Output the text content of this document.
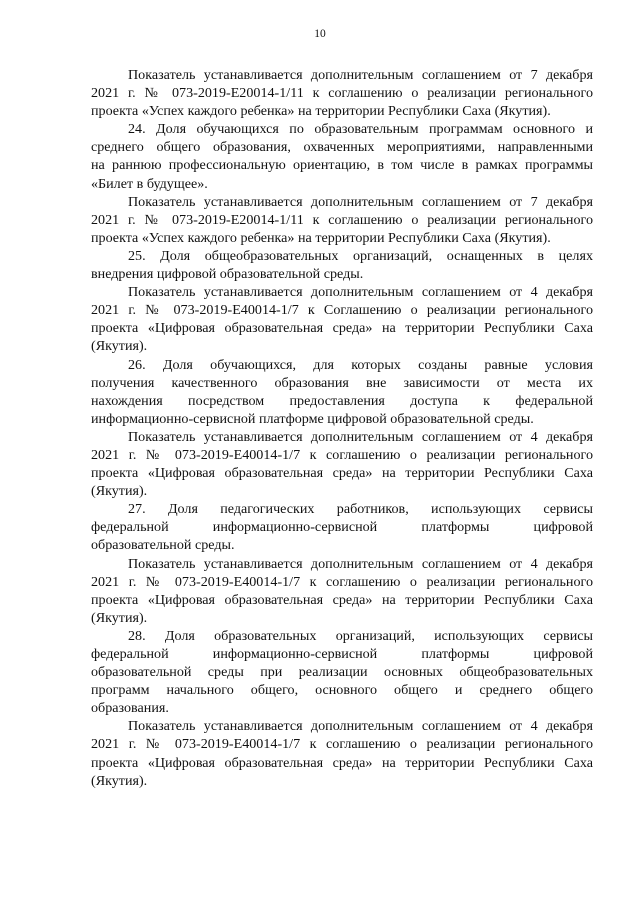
10
Показатель устанавливается дополнительным соглашением от 7 декабря
2021 г. № 073-2019-Е20014-1/11 к соглашению о реализации регионального
проекта «Успех каждого ребенка» на территории Республики Саха (Якутия).
24. Доля обучающихся по образовательным программам основного и
среднего общего образования, охваченных мероприятиями, направленными
на раннюю профессиональную ориентацию, в том числе в рамках программы
«Билет в будущее».
Показатель устанавливается дополнительным соглашением от 7 декабря
2021 г. № 073-2019-Е20014-1/11 к соглашению о реализации регионального
проекта «Успех каждого ребенка» на территории Республики Саха (Якутия).
25. Доля общеобразовательных организаций, оснащенных в целях
внедрения цифровой образовательной среды.
Показатель устанавливается дополнительным соглашением от 4 декабря
2021 г. № 073-2019-Е40014-1/7 к Соглашению о реализации регионального
проекта «Цифровая образовательная среда» на территории Республики Саха
(Якутия).
26. Доля обучающихся, для которых созданы равные условия
получения качественного образования вне зависимости от места их
нахождения посредством предоставления доступа к федеральной
информационно-сервисной платформе цифровой образовательной среды.
Показатель устанавливается дополнительным соглашением от 4 декабря
2021 г. № 073-2019-Е40014-1/7 к соглашению о реализации регионального
проекта «Цифровая образовательная среда» на территории Республики Саха
(Якутия).
27. Доля педагогических работников, использующих сервисы
федеральной информационно-сервисной платформы цифровой
образовательной среды.
Показатель устанавливается дополнительным соглашением от 4 декабря
2021 г. № 073-2019-Е40014-1/7 к соглашению о реализации регионального
проекта «Цифровая образовательная среда» на территории Республики Саха
(Якутия).
28. Доля образовательных организаций, использующих сервисы
федеральной информационно-сервисной платформы цифровой
образовательной среды при реализации основных общеобразовательных
программ начального общего, основного общего и среднего общего
образования.
Показатель устанавливается дополнительным соглашением от 4 декабря
2021 г. № 073-2019-Е40014-1/7 к соглашению о реализации регионального
проекта «Цифровая образовательная среда» на территории Республики Саха
(Якутия).
